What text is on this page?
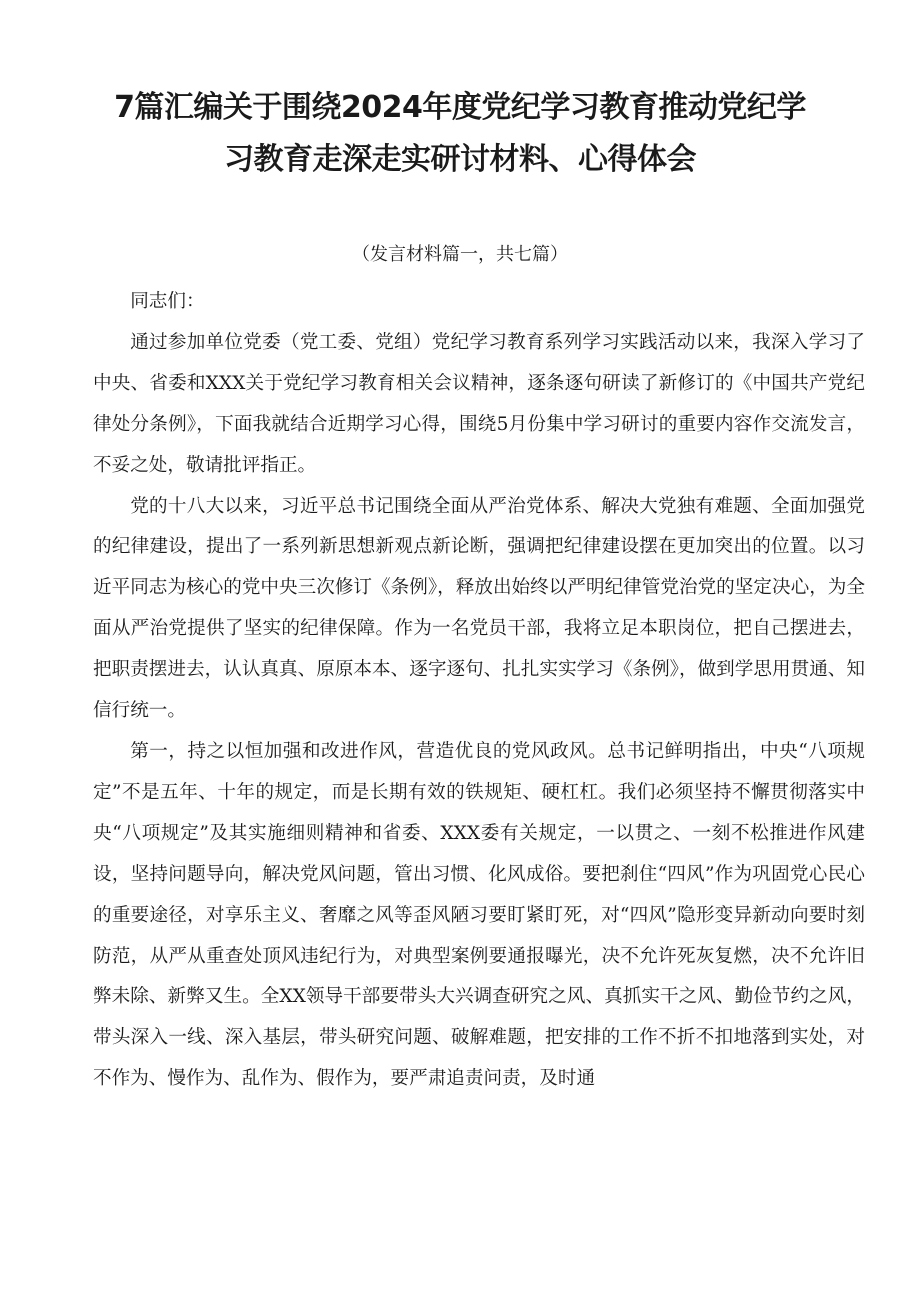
7篇汇编关于围绕2024年度党纪学习教育推动党纪学
习教育走深走实研讨材料、心得体会

（发言材料篇一，共七篇）

同志们：

通过参加单位党委（党工委、党组）党纪学习教育系列学习实践活动以来，我深入学习了中央、省委和XXX关于党纪学习教育相关会议精神，逐条逐句研读了新修订的《中国共产党纪律处分条例》，下面我就结合近期学习心得，围绕5月份集中学习研讨的重要内容作交流发言，不妥之处，敬请批评指正。

党的十八大以来，习近平总书记围绕全面从严治党体系、解决大党独有难题、全面加强党的纪律建设，提出了一系列新思想新观点新论断，强调把纪律建设摆在更加突出的位置。以习近平同志为核心的党中央三次修订《条例》，释放出始终以严明纪律管党治党的坚定决心，为全面从严治党提供了坚实的纪律保障。作为一名党员干部，我将立足本职岗位，把自己摆进去，把职责摆进去，认认真真、原原本本、逐字逐句、扎扎实实学习《条例》，做到学思用贯通、知信行统一。

第一，持之以恒加强和改进作风，营造优良的党风政风。总书记鲜明指出，中央“八项规定”不是五年、十年的规定，而是长期有效的铁规矩、硬杠杠。我们必须坚持不懈贯彻落实中央“八项规定”及其实施细则精神和省委、XXX委有关规定，一以贯之、一刻不松推进作风建设，坚持问题导向，解决党风问题，管出习惯、化风成俗。要把刹住“四风”作为巩固党心民心的重要途径，对享乐主义、奢靡之风等歪风陋习要盯紧盯死，对“四风”隐形变异新动向要时刻防范，从严从重查处顶风违纪行为，对典型案例要通报曝光，决不允许死灰复燃，决不允许旧弊未除、新弊又生。全XX领导干部要带头大兴调查研究之风、真抓实干之风、勤俭节约之风，带头深入一线、深入基层，带头研究问题、破解难题，把安排的工作不折不扣地落到实处，对不作为、慢作为、乱作为、假作为，要严肃追责问责，及时通
